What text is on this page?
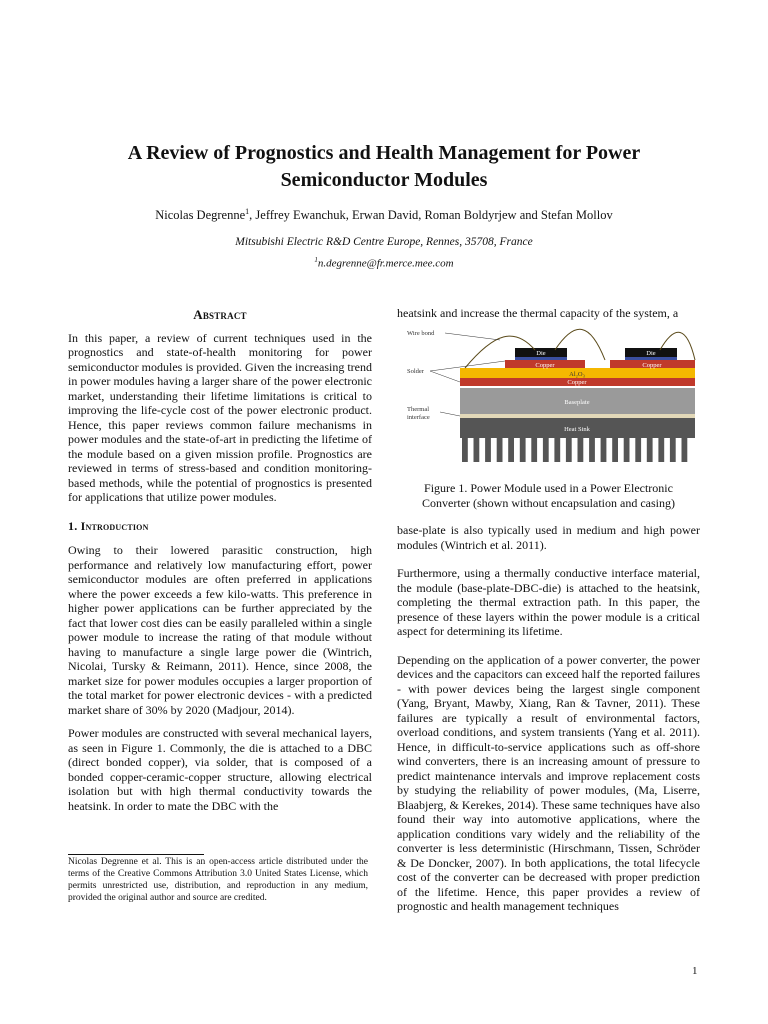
A Review of Prognostics and Health Management for Power
Semiconductor Modules
Nicolas Degrenne$^1$, Jeffrey Ewanchuk, Erwan David, Roman Boldyrjew and Stefan Mollov
Mitsubishi Electric R&D Centre Europe, Rennes, 35708, France
$^1$n.degrenne@fr.merce.mee.com
Abstract

In this paper, a review of current techniques used in the prognostics and state-of-health monitoring for power semiconductor modules is provided. Given the increasing trend in power modules having a larger share of the power electronic market, understanding their lifetime limitations is critical to improving the life-cycle cost of the power electronic product. Hence, this paper reviews common failure mechanisms in power modules and the state-of-art in predicting the lifetime of the module based on a given mission profile. Prognostics are reviewed in terms of stress-based and condition monitoring-based methods, while the potential of prognostics is presented for applications that utilize power modules.

1. Introduction

Owing to their lowered parasitic construction, high performance and relatively low manufacturing effort, power semiconductor modules are often preferred in applications where the power exceeds a few kilo-watts. This preference in higher power applications can be further appreciated by the fact that lower cost dies can be easily paralleled within a single power module to increase the rating of that module without having to manufacture a single large power die (Wintrich, Nicolai, Tursky & Reimann, 2011). Hence, since 2008, the market size for power modules occupies a larger proportion of the total market for power electronic devices - with a predicted market share of 30% by 2020 (Madjour, 2014).

Power modules are constructed with several mechanical layers, as seen in Figure 1. Commonly, the die is attached to a DBC (direct bonded copper), via solder, that is composed of a bonded copper-ceramic-copper structure, allowing electrical isolation but with high thermal conductivity towards the heatsink. In order to mate the DBC with the

Nicolas Degrenne et al. This is an open-access article distributed under the terms of the Creative Commons Attribution 3.0 United States License, which permits unrestricted use, distribution, and reproduction in any medium, provided the original author and source are credited.

heatsink and increase the thermal capacity of the system, a

Wire bond
Solder
Thermal
interface
Die	Die
Copper	Copper
Al₂O₃
Copper
Baseplate
Heat Sink
Figure 1. Power Module used in a Power Electronic
Converter (shown without encapsulation and casing)

base-plate is also typically used in medium and high power modules (Wintrich et al. 2011).

Furthermore, using a thermally conductive interface material, the module (base-plate-DBC-die) is attached to the heatsink, completing the thermal extraction path. In this paper, the presence of these layers within the power module is a critical aspect for determining its lifetime.

Depending on the application of a power converter, the power devices and the capacitors can exceed half the reported failures - with power devices being the largest single component (Yang, Bryant, Mawby, Xiang, Ran & Tavner, 2011). These failures are typically a result of environmental factors, overload conditions, and system transients (Yang et al. 2011). Hence, in difficult-to-service applications such as off-shore wind converters, there is an increasing amount of pressure to predict maintenance intervals and improve replacement costs by studying the reliability of power modules, (Ma, Liserre, Blaabjerg, & Kerekes, 2014). These same techniques have also found their way into automotive applications, where the application conditions vary widely and the reliability of the converter is less deterministic (Hirschmann, Tissen, Schröder & De Doncker, 2007). In both applications, the total lifecycle cost of the converter can be decreased with proper prediction of the lifetime. Hence, this paper provides a review of prognostic and health management techniques

1
